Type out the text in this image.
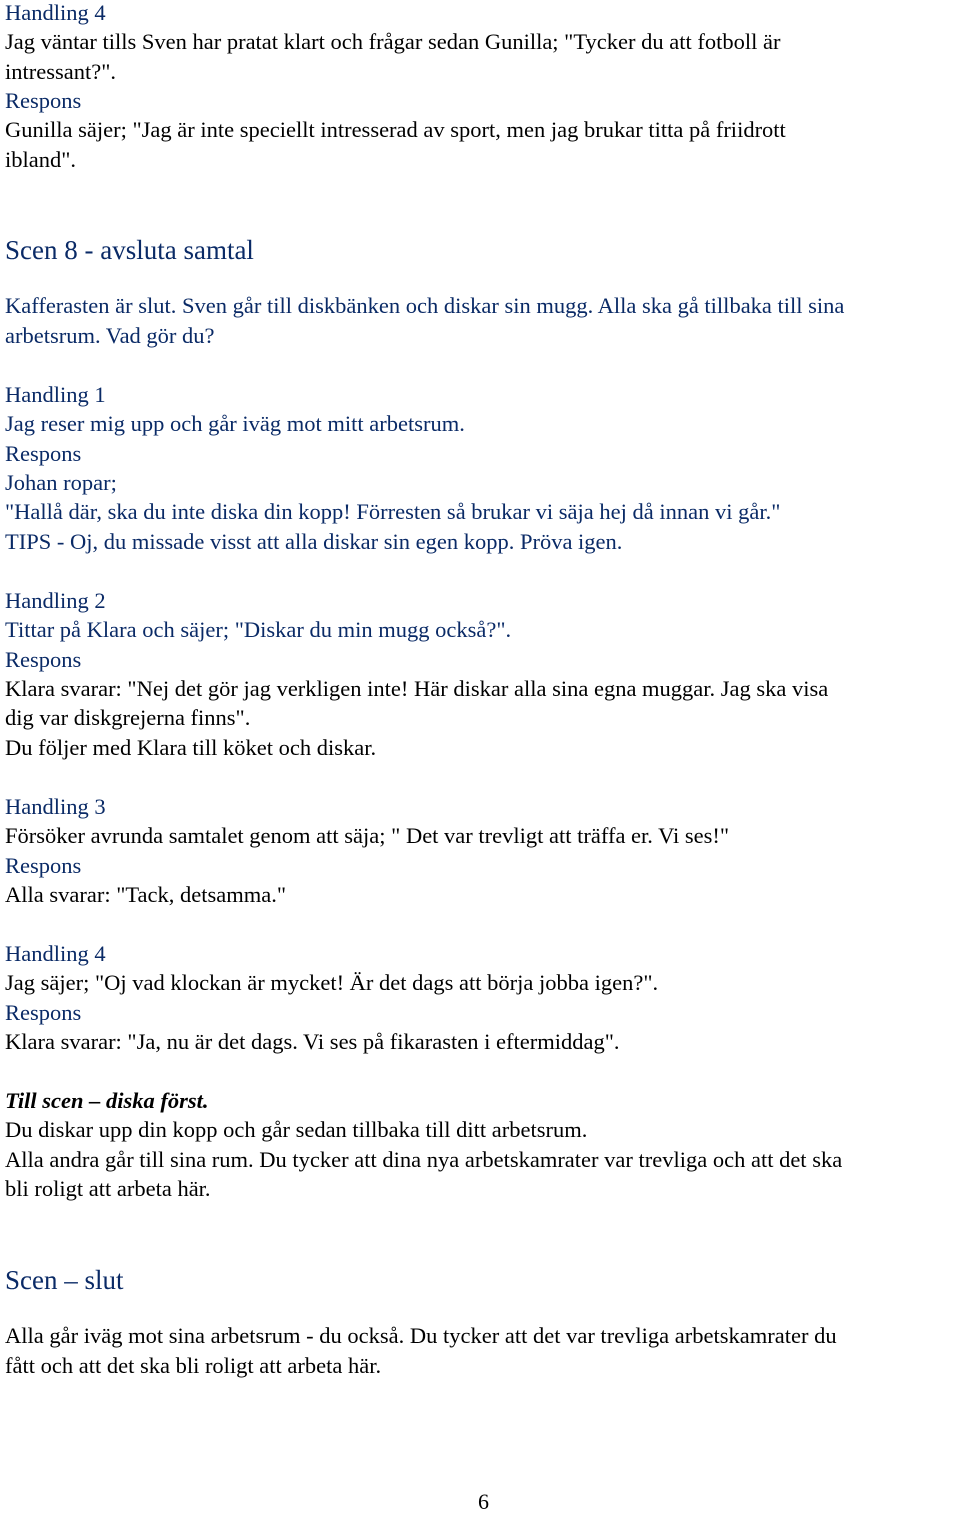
Handling 4

Jag väntar tills Sven har pratat klart och frågar sedan Gunilla; "Tycker du att fotboll är

intressant?".

Respons

Gunilla säjer; "Jag är inte speciellt intresserad av sport, men jag brukar titta på friidrott

ibland".

Scen 8 - avsluta samtal

Kafferasten är slut. Sven går till diskbänken och diskar sin mugg. Alla ska gå tillbaka till sina

arbetsrum. Vad gör du?

Handling 1

Jag reser mig upp och går iväg mot mitt arbetsrum.

Respons

Johan ropar;

"Hallå där, ska du inte diska din kopp! Förresten så brukar vi säja hej då innan vi går."

TIPS - Oj, du missade visst att alla diskar sin egen kopp. Pröva igen.

Handling 2

Tittar på Klara och säjer; "Diskar du min mugg också?".

Respons

Klara svarar: "Nej det gör jag verkligen inte! Här diskar alla sina egna muggar. Jag ska visa

dig var diskgrejerna finns".

Du följer med Klara till köket och diskar.

Handling 3

Försöker avrunda samtalet genom att säja; " Det var trevligt att träffa er. Vi ses!"

Respons

Alla svarar: "Tack, detsamma."

Handling 4

Jag säjer; "Oj vad klockan är mycket! Är det dags att börja jobba igen?".

Respons

Klara svarar: "Ja, nu är det dags. Vi ses på fikarasten i eftermiddag".

Till scen – diska först.

Du diskar upp din kopp och går sedan tillbaka till ditt arbetsrum.

Alla andra går till sina rum. Du tycker att dina nya arbetskamrater var trevliga och att det ska

bli roligt att arbeta här.

Scen – slut

Alla går iväg mot sina arbetsrum - du också. Du tycker att det var trevliga arbetskamrater du

fått och att det ska bli roligt att arbeta här.

6
